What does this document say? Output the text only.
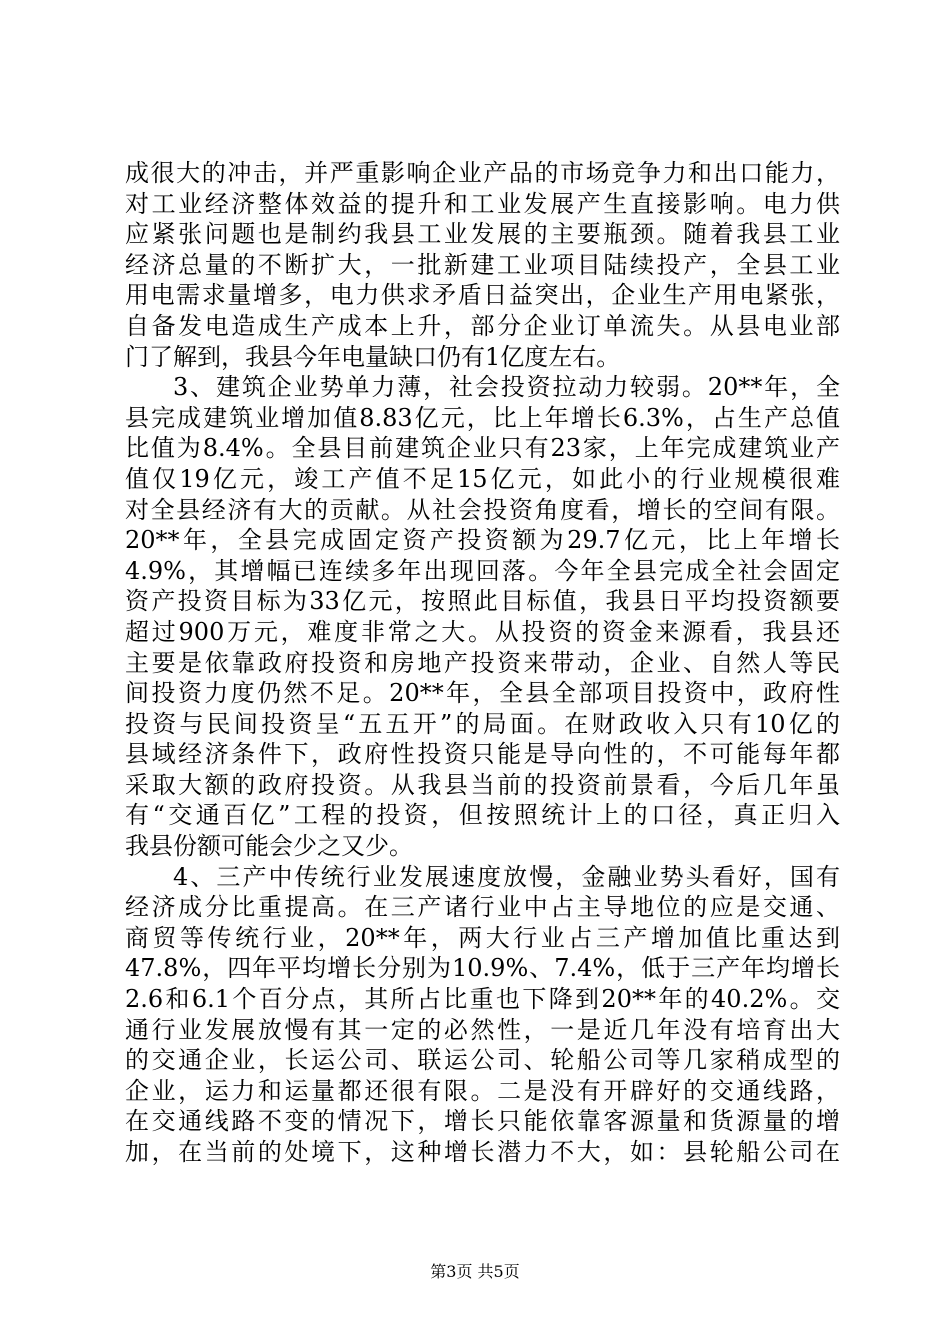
成很大的冲击，并严重影响企业产品的市场竞争力和出口能力，
对工业经济整体效益的提升和工业发展产生直接影响。电力供
应紧张问题也是制约我县工业发展的主要瓶颈。随着我县工业
经济总量的不断扩大，一批新建工业项目陆续投产，全县工业
用电需求量增多，电力供求矛盾日益突出，企业生产用电紧张，
自备发电造成生产成本上升，部分企业订单流失。从县电业部
门了解到，我县今年电量缺口仍有1亿度左右。
3、建筑企业势单力薄，社会投资拉动力较弱。20**年，全
县完成建筑业增加值8.83亿元，比上年增长6.3%，占生产总值
比值为8.4%。全县目前建筑企业只有23家，上年完成建筑业产
值仅19亿元，竣工产值不足15亿元，如此小的行业规模很难
对全县经济有大的贡献。从社会投资角度看，增长的空间有限。
20**年，全县完成固定资产投资额为29.7亿元，比上年增长
4.9%，其增幅已连续多年出现回落。今年全县完成全社会固定
资产投资目标为33亿元，按照此目标值，我县日平均投资额要
超过900万元，难度非常之大。从投资的资金来源看，我县还
主要是依靠政府投资和房地产投资来带动，企业、自然人等民
间投资力度仍然不足。20**年，全县全部项目投资中，政府性
投资与民间投资呈“五五开”的局面。在财政收入只有10亿的
县域经济条件下，政府性投资只能是导向性的，不可能每年都
采取大额的政府投资。从我县当前的投资前景看，今后几年虽
有“交通百亿”工程的投资，但按照统计上的口径，真正归入
我县份额可能会少之又少。
4、三产中传统行业发展速度放慢，金融业势头看好，国有
经济成分比重提高。在三产诸行业中占主导地位的应是交通、
商贸等传统行业，20**年，两大行业占三产增加值比重达到
47.8%，四年平均增长分别为10.9%、7.4%，低于三产年均增长
2.6和6.1个百分点，其所占比重也下降到20**年的40.2%。交
通行业发展放慢有其一定的必然性，一是近几年没有培育出大
的交通企业，长运公司、联运公司、轮船公司等几家稍成型的
企业，运力和运量都还很有限。二是没有开辟好的交通线路，
在交通线路不变的情况下，增长只能依靠客源量和货源量的增
加，在当前的处境下，这种增长潜力不大，如：县轮船公司在
第3页 共5页
